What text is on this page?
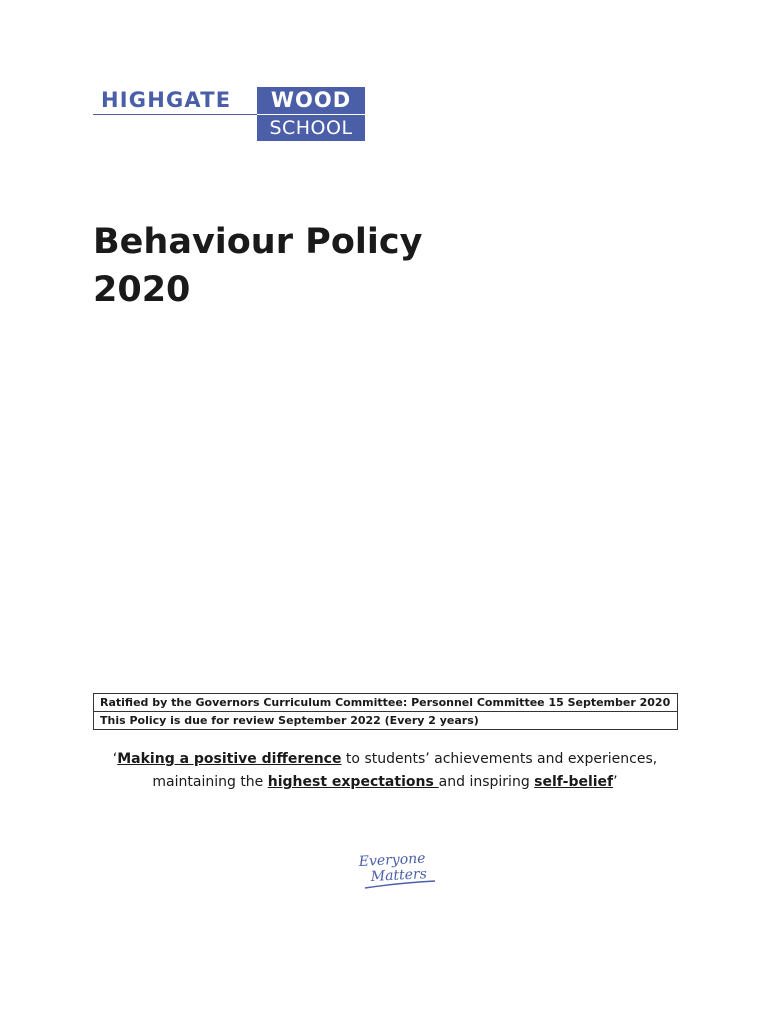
HIGHGATE	WOOD
SCHOOL
Behaviour Policy
2020
Ratified by the Governors Curriculum Committee: Personnel Committee 15 September 2020
This Policy is due for review September 2022 (Every 2 years)
‘Making a positive difference to students’ achievements and experiences,
maintaining the highest expectations and inspiring self-belief’
Everyone
Matters
